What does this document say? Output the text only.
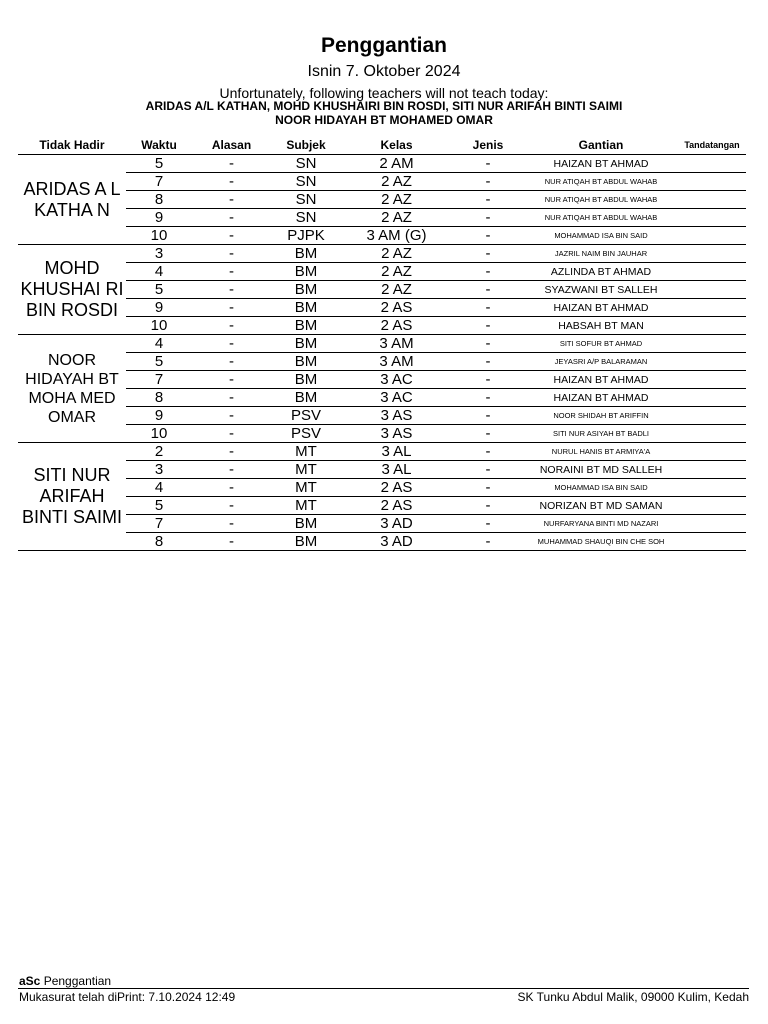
Penggantian
Isnin 7. Oktober 2024
Unfortunately, following teachers will not teach today:
ARIDAS A/L KATHAN, MOHD KHUSHAIRI BIN ROSDI, SITI NUR ARIFAH BINTI SAIMI
NOOR HIDAYAH BT MOHAMED OMAR
Tidak Hadir	Waktu	Alasan	Subjek	Kelas	Jenis	Gantian	Tandatangan
ARIDAS A L KATHA N	5	-	SN	2 AM	-	HAIZAN BT AHMAD	
	7	-	SN	2 AZ	-	NUR ATIQAH BT ABDUL WAHAB	
	8	-	SN	2 AZ	-	NUR ATIQAH BT ABDUL WAHAB	
	9	-	SN	2 AZ	-	NUR ATIQAH BT ABDUL WAHAB	
	10	-	PJPK	3 AM (G)	-	MOHAMMAD ISA BIN SAID	
MOHD KHUSHAI RI BIN ROSDI	3	-	BM	2 AZ	-	JAZRIL NAIM BIN JAUHAR	
	4	-	BM	2 AZ	-	AZLINDA BT AHMAD	
	5	-	BM	2 AZ	-	SYAZWANI BT SALLEH	
	9	-	BM	2 AS	-	HAIZAN BT AHMAD	
	10	-	BM	2 AS	-	HABSAH BT MAN	
NOOR HIDAYAH BT MOHA MED OMAR	4	-	BM	3 AM	-	SITI SOFUR BT AHMAD	
	5	-	BM	3 AM	-	JEYASRI A/P BALARAMAN	
	7	-	BM	3 AC	-	HAIZAN BT AHMAD	
	8	-	BM	3 AC	-	HAIZAN BT AHMAD	
	9	-	PSV	3 AS	-	NOOR SHIDAH BT ARIFFIN	
	10	-	PSV	3 AS	-	SITI NUR ASIYAH BT BADLI	
SITI NUR ARIFAH BINTI SAIMI	2	-	MT	3 AL	-	NURUL HANIS BT ARMIYA'A	
	3	-	MT	3 AL	-	NORAINI BT MD SALLEH	
	4	-	MT	2 AS	-	MOHAMMAD ISA BIN SAID	
	5	-	MT	2 AS	-	NORIZAN BT MD SAMAN	
	7	-	BM	3 AD	-	NURFARYANA BINTI MD NAZARI	
	8	-	BM	3 AD	-	MUHAMMAD SHAUQI BIN CHE SOH	
aSc Penggantian
Mukasurat telah diPrint: 7.10.2024 12:49	SK Tunku Abdul Malik, 09000 Kulim, Kedah
